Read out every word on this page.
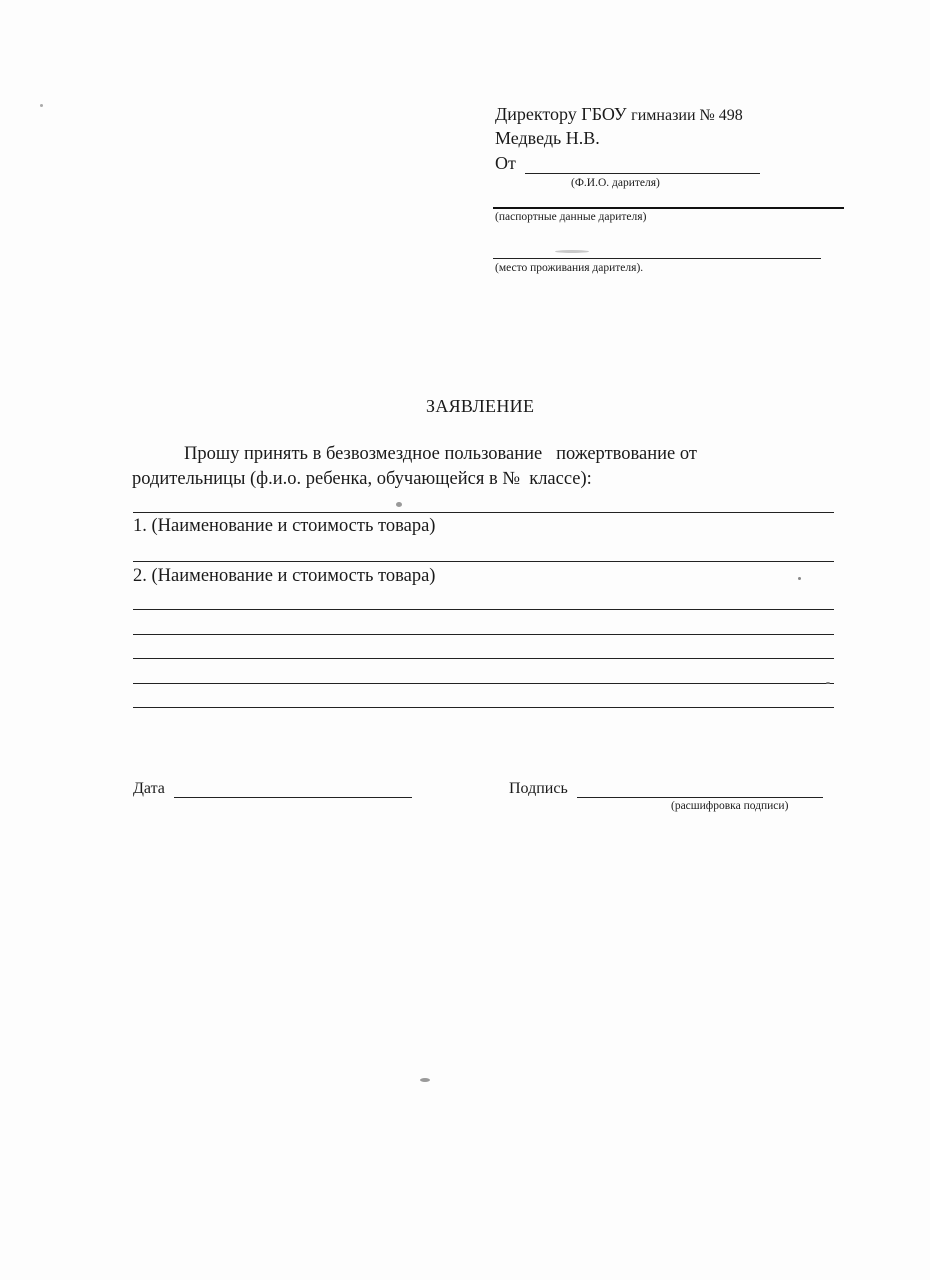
Директору ГБОУ гимназии № 498
Медведь Н.В.
От
(Ф.И.О. дарителя)
(паспортные данные дарителя)
(место проживания дарителя).
ЗАЯВЛЕНИЕ
Прошу принять в безвозмездное пользование   пожертвование от
родительницы (ф.и.о. ребенка, обучающейся в №  классе):
1. (Наименование и стоимость товара)
2. (Наименование и стоимость товара)
Дата	Подпись
(расшифровка подписи)
